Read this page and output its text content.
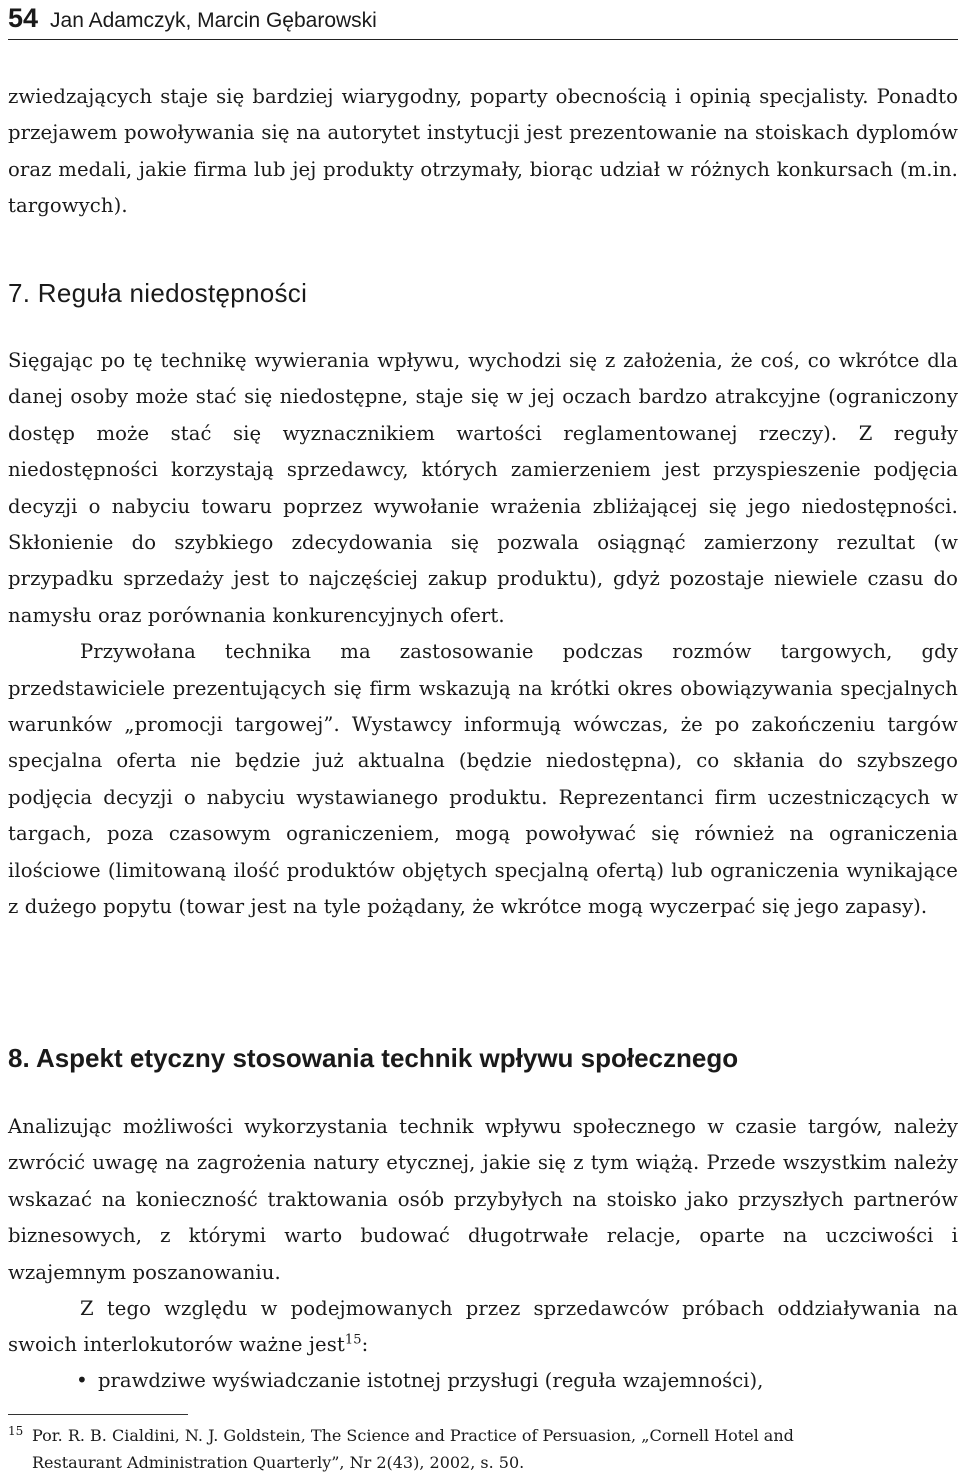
54 Jan Adamczyk, Marcin Gębarowski

zwiedzających staje się bardziej wiarygodny, poparty obecnością i opinią specjalisty. Ponadto przejawem powoływania się na autorytet instytucji jest prezentowanie na stoiskach dyplomów oraz medali, jakie firma lub jej produkty otrzymały, biorąc udział w różnych konkursach (m.in. targowych).

7. Reguła niedostępności

Sięgając po tę technikę wywierania wpływu, wychodzi się z założenia, że coś, co wkrótce dla danej osoby może stać się niedostępne, staje się w jej oczach bardzo atrakcyjne (ograniczony dostęp może stać się wyznacznikiem wartości reglamentowanej rzeczy). Z reguły niedostępności korzystają sprzedawcy, których zamierzeniem jest przyspieszenie podjęcia decyzji o nabyciu towaru poprzez wywołanie wrażenia zbliżającej się jego niedostępności. Skłonienie do szybkiego zdecydowania się pozwala osiągnąć zamierzony rezultat (w przypadku sprzedaży jest to najczęściej zakup produktu), gdyż pozostaje niewiele czasu do namysłu oraz porównania konkurencyjnych ofert.

Przywołana technika ma zastosowanie podczas rozmów targowych, gdy przedstawiciele prezentujących się firm wskazują na krótki okres obowiązywania specjalnych warunków „promocji targowej”. Wystawcy informują wówczas, że po zakończeniu targów specjalna oferta nie będzie już aktualna (będzie niedostępna), co skłania do szybszego podjęcia decyzji o nabyciu wystawianego produktu. Reprezentanci firm uczestniczących w targach, poza czasowym ograniczeniem, mogą powoływać się również na ograniczenia ilościowe (limitowaną ilość produktów objętych specjalną ofertą) lub ograniczenia wynikające z dużego popytu (towar jest na tyle pożądany, że wkrótce mogą wyczerpać się jego zapasy).

8. Aspekt etyczny stosowania technik wpływu społecznego

Analizując możliwości wykorzystania technik wpływu społecznego w czasie targów, należy zwrócić uwagę na zagrożenia natury etycznej, jakie się z tym wiążą. Przede wszystkim należy wskazać na konieczność traktowania osób przybyłych na stoisko jako przyszłych partnerów biznesowych, z którymi warto budować długotrwałe relacje, oparte na uczciwości i wzajemnym poszanowaniu.

Z tego względu w podejmowanych przez sprzedawców próbach oddziaływania na swoich interlokutorów ważne jest$^{15}$:

• prawdziwe wyświadczanie istotnej przysługi (reguła wzajemności),
15 Por. R. B. Cialdini, N. J. Goldstein, The Science and Practice of Persuasion, „Cornell Hotel and
Restaurant Administration Quarterly”, Nr 2(43), 2002, s. 50.
